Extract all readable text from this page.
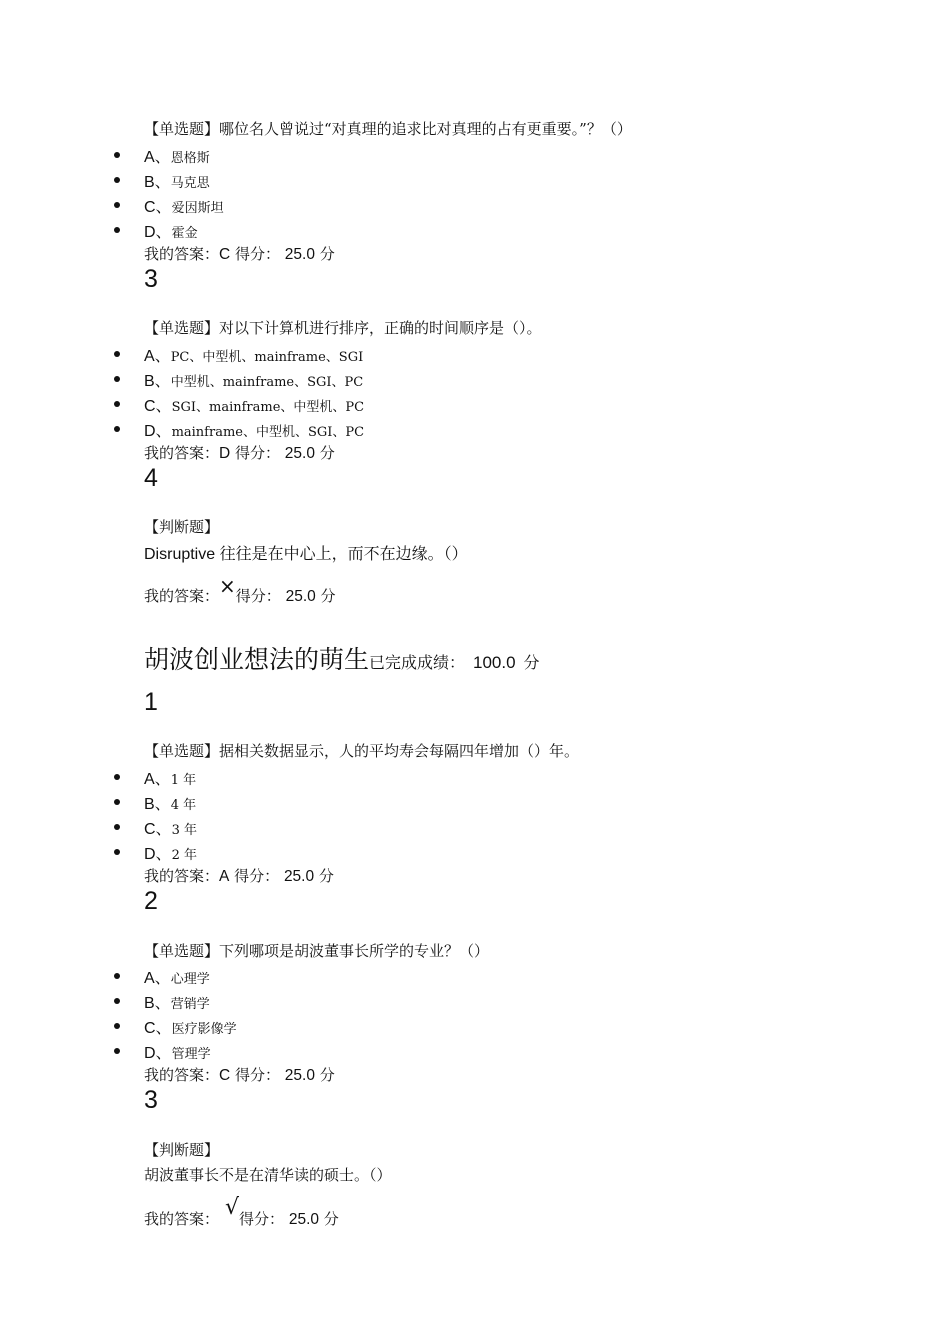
【单选题】哪位名人曾说过“对真理的追求比对真理的占有更重要。”？（）
A、恩格斯
B、马克思
C、爱因斯坦
D、霍金
我的答案：C 得分： 25.0 分
3
【单选题】对以下计算机进行排序，正确的时间顺序是（）。
A、PC、中型机、mainframe、SGI
B、中型机、mainframe、SGI、PC
C、SGI、mainframe、中型机、PC
D、mainframe、中型机、SGI、PC
我的答案：D 得分： 25.0 分
4
【判断题】
Disruptive 往往是在中心上，而不在边缘。（）
我的答案：×得分： 25.0 分
胡波创业想法的萌生已完成成绩： 100.0 分
1
【单选题】据相关数据显示，人的平均寿会每隔四年增加（）年。
A、1 年
B、4 年
C、3 年
D、2 年
我的答案：A 得分： 25.0 分
2
【单选题】下列哪项是胡波董事长所学的专业？（）
A、心理学
B、营销学
C、医疗影像学
D、管理学
我的答案：C 得分： 25.0 分
3
【判断题】
胡波董事长不是在清华读的硕士。（）
我的答案： √得分： 25.0 分
